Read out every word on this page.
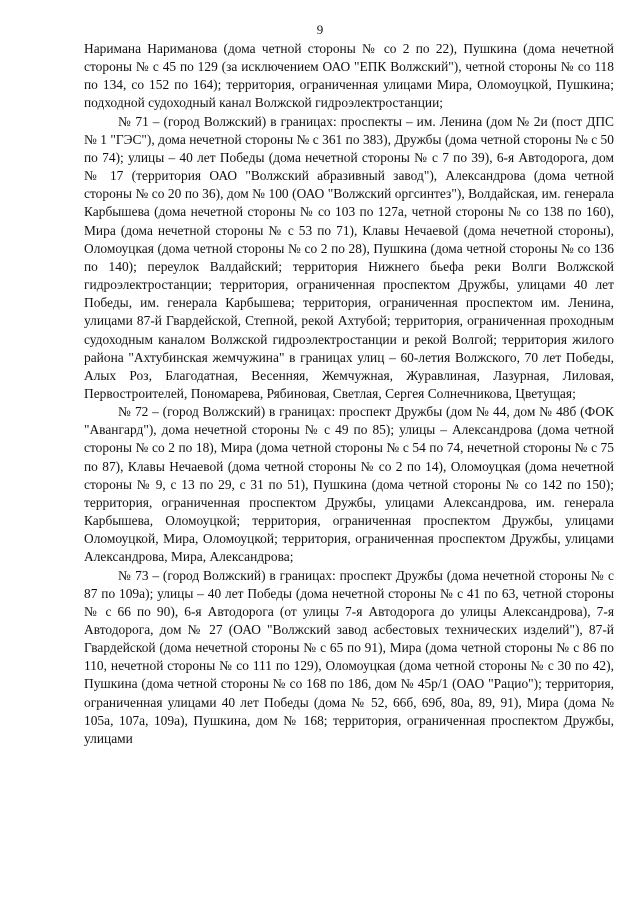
9

Наримана Нариманова (дома четной стороны № со 2 по 22), Пушкина (дома нечетной стороны № с 45 по 129 (за исключением ОАО "ЕПК Волжский"), четной стороны № со 118 по 134, со 152 по 164); территория, ограниченная улицами Мира, Оломоуцкой, Пушкина; подходной судоходный канал Волжской гидроэлектростанции;

№ 71 – (город Волжский) в границах: проспекты – им. Ленина (дом № 2и (пост ДПС № 1 "ГЭС"), дома нечетной стороны № с 361 по 383), Дружбы (дома четной стороны № с 50 по 74); улицы – 40 лет Победы (дома нечетной стороны № с 7 по 39), 6-я Автодорога, дом № 17 (территория ОАО "Волжский абразивный завод"), Александрова (дома четной стороны № со 20 по 36), дом № 100 (ОАО "Волжский оргсинтез"), Волдайская, им. генерала Карбышева (дома нечетной стороны № со 103 по 127а, четной стороны № со 138 по 160), Мира (дома нечетной стороны № с 53 по 71), Клавы Нечаевой (дома нечетной стороны), Оломоуцкая (дома четной стороны № со 2 по 28), Пушкина (дома четной стороны № со 136 по 140); переулок Валдайский; территория Нижнего бьефа реки Волги Волжской гидроэлектростанции; территория, ограниченная проспектом Дружбы, улицами 40 лет Победы, им. генерала Карбышева; территория, ограниченная проспектом им. Ленина, улицами 87-й Гвардейской, Степной, рекой Ахтубой; территория, ограниченная проходным судоходным каналом Волжской гидроэлектростанции и рекой Волгой; территория жилого района "Ахтубинская жемчужина" в границах улиц – 60-летия Волжского, 70 лет Победы, Алых Роз, Благодатная, Весенняя, Жемчужная, Журавлиная, Лазурная, Лиловая, Первостроителей, Пономарева, Рябиновая, Светлая, Сергея Солнечникова, Цветущая;

№ 72 – (город Волжский) в границах: проспект Дружбы (дом № 44, дом № 48б (ФОК "Авангард"), дома нечетной стороны № с 49 по 85); улицы – Александрова (дома четной стороны № со 2 по 18), Мира (дома четной стороны № с 54 по 74, нечетной стороны № с 75 по 87), Клавы Нечаевой (дома четной стороны № со 2 по 14), Оломоуцкая (дома нечетной стороны № 9, с 13 по 29, с 31 по 51), Пушкина (дома четной стороны № со 142 по 150); территория, ограниченная проспектом Дружбы, улицами Александрова, им. генерала Карбышева, Оломоуцкой; территория, ограниченная проспектом Дружбы, улицами Оломоуцкой, Мира, Оломоуцкой; территория, ограниченная проспектом Дружбы, улицами Александрова, Мира, Александрова;

№ 73 – (город Волжский) в границах: проспект Дружбы (дома нечетной стороны № с 87 по 109а); улицы – 40 лет Победы (дома нечетной стороны № с 41 по 63, четной стороны № с 66 по 90), 6-я Автодорога (от улицы 7-я Автодорога до улицы Александрова), 7-я Автодорога, дом № 27 (ОАО "Волжский завод асбестовых технических изделий"), 87-й Гвардейской (дома нечетной стороны № с 65 по 91), Мира (дома четной стороны № с 86 по 110, нечетной стороны № со 111 по 129), Оломоуцкая (дома четной стороны № с 30 по 42), Пушкина (дома четной стороны № со 168 по 186, дом № 45р/1 (ОАО "Рацио"); территория, ограниченная улицами 40 лет Победы (дома № 52, 66б, 69б, 80а, 89, 91), Мира (дома № 105а, 107а, 109а), Пушкина, дом № 168; территория, ограниченная проспектом Дружбы, улицами
